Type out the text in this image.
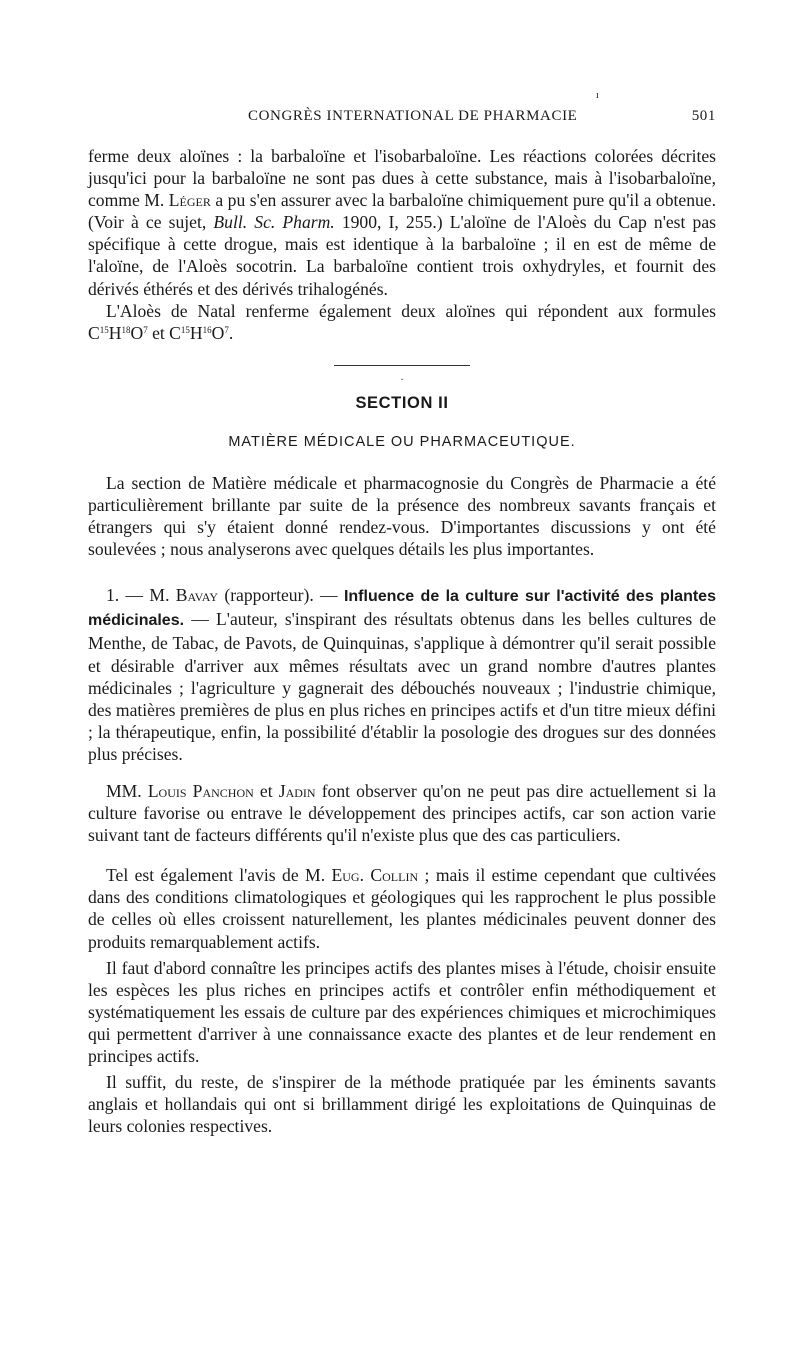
ı
CONGRÈS INTERNATIONAL DE PHARMACIE	501

ferme deux aloïnes : la barbaloïne et l'isobarbaloïne. Les réactions colorées décrites jusqu'ici pour la barbaloïne ne sont pas dues à cette substance, mais à l'isobarbaloïne, comme M. Léger a pu s'en assurer avec la barbaloïne chimiquement pure qu'il a obtenue. (Voir à ce sujet, Bull. Sc. Pharm. 1900, I, 255.) L'aloïne de l'Aloès du Cap n'est pas spécifique à cette drogue, mais est identique à la barbaloïne ; il en est de même de l'aloïne, de l'Aloès socotrin. La barbaloïne contient trois oxhydryles, et fournit des dérivés éthérés et des dérivés trihalogénés.

L'Aloès de Natal renferme également deux aloïnes qui répondent aux formules $C^{15}H^{18}O^7$ et $C^{15}H^{16}O^7$.

·
SECTION II
MATIÈRE MÉDICALE OU PHARMACEUTIQUE.

La section de Matière médicale et pharmacognosie du Congrès de Pharmacie a été particulièrement brillante par suite de la présence des nombreux savants français et étrangers qui s'y étaient donné rendez-vous. D'importantes discussions y ont été soulevées ; nous analyserons avec quelques détails les plus importantes.

1. — M. Bavay (rapporteur). — Influence de la culture sur l'activité des plantes médicinales. — L'auteur, s'inspirant des résultats obtenus dans les belles cultures de Menthe, de Tabac, de Pavots, de Quinquinas, s'applique à démontrer qu'il serait possible et désirable d'arriver aux mêmes résultats avec un grand nombre d'autres plantes médicinales ; l'agriculture y gagnerait des débouchés nouveaux ; l'industrie chimique, des matières premières de plus en plus riches en principes actifs et d'un titre mieux défini ; la thérapeutique, enfin, la possibilité d'établir la posologie des drogues sur des données plus précises.

MM. Louis Panchon et Jadin font observer qu'on ne peut pas dire actuellement si la culture favorise ou entrave le développement des principes actifs, car son action varie suivant tant de facteurs différents qu'il n'existe plus que des cas particuliers.

Tel est également l'avis de M. Eug. Collin ; mais il estime cependant que cultivées dans des conditions climatologiques et géologiques qui les rapprochent le plus possible de celles où elles croissent naturellement, les plantes médicinales peuvent donner des produits remarquablement actifs.

Il faut d'abord connaître les principes actifs des plantes mises à l'étude, choisir ensuite les espèces les plus riches en principes actifs et contrôler enfin méthodiquement et systématiquement les essais de culture par des expériences chimiques et microchimiques qui permettent d'arriver à une connaissance exacte des plantes et de leur rendement en principes actifs.

Il suffit, du reste, de s'inspirer de la méthode pratiquée par les éminents savants anglais et hollandais qui ont si brillamment dirigé les exploitations de Quinquinas de leurs colonies respectives.
